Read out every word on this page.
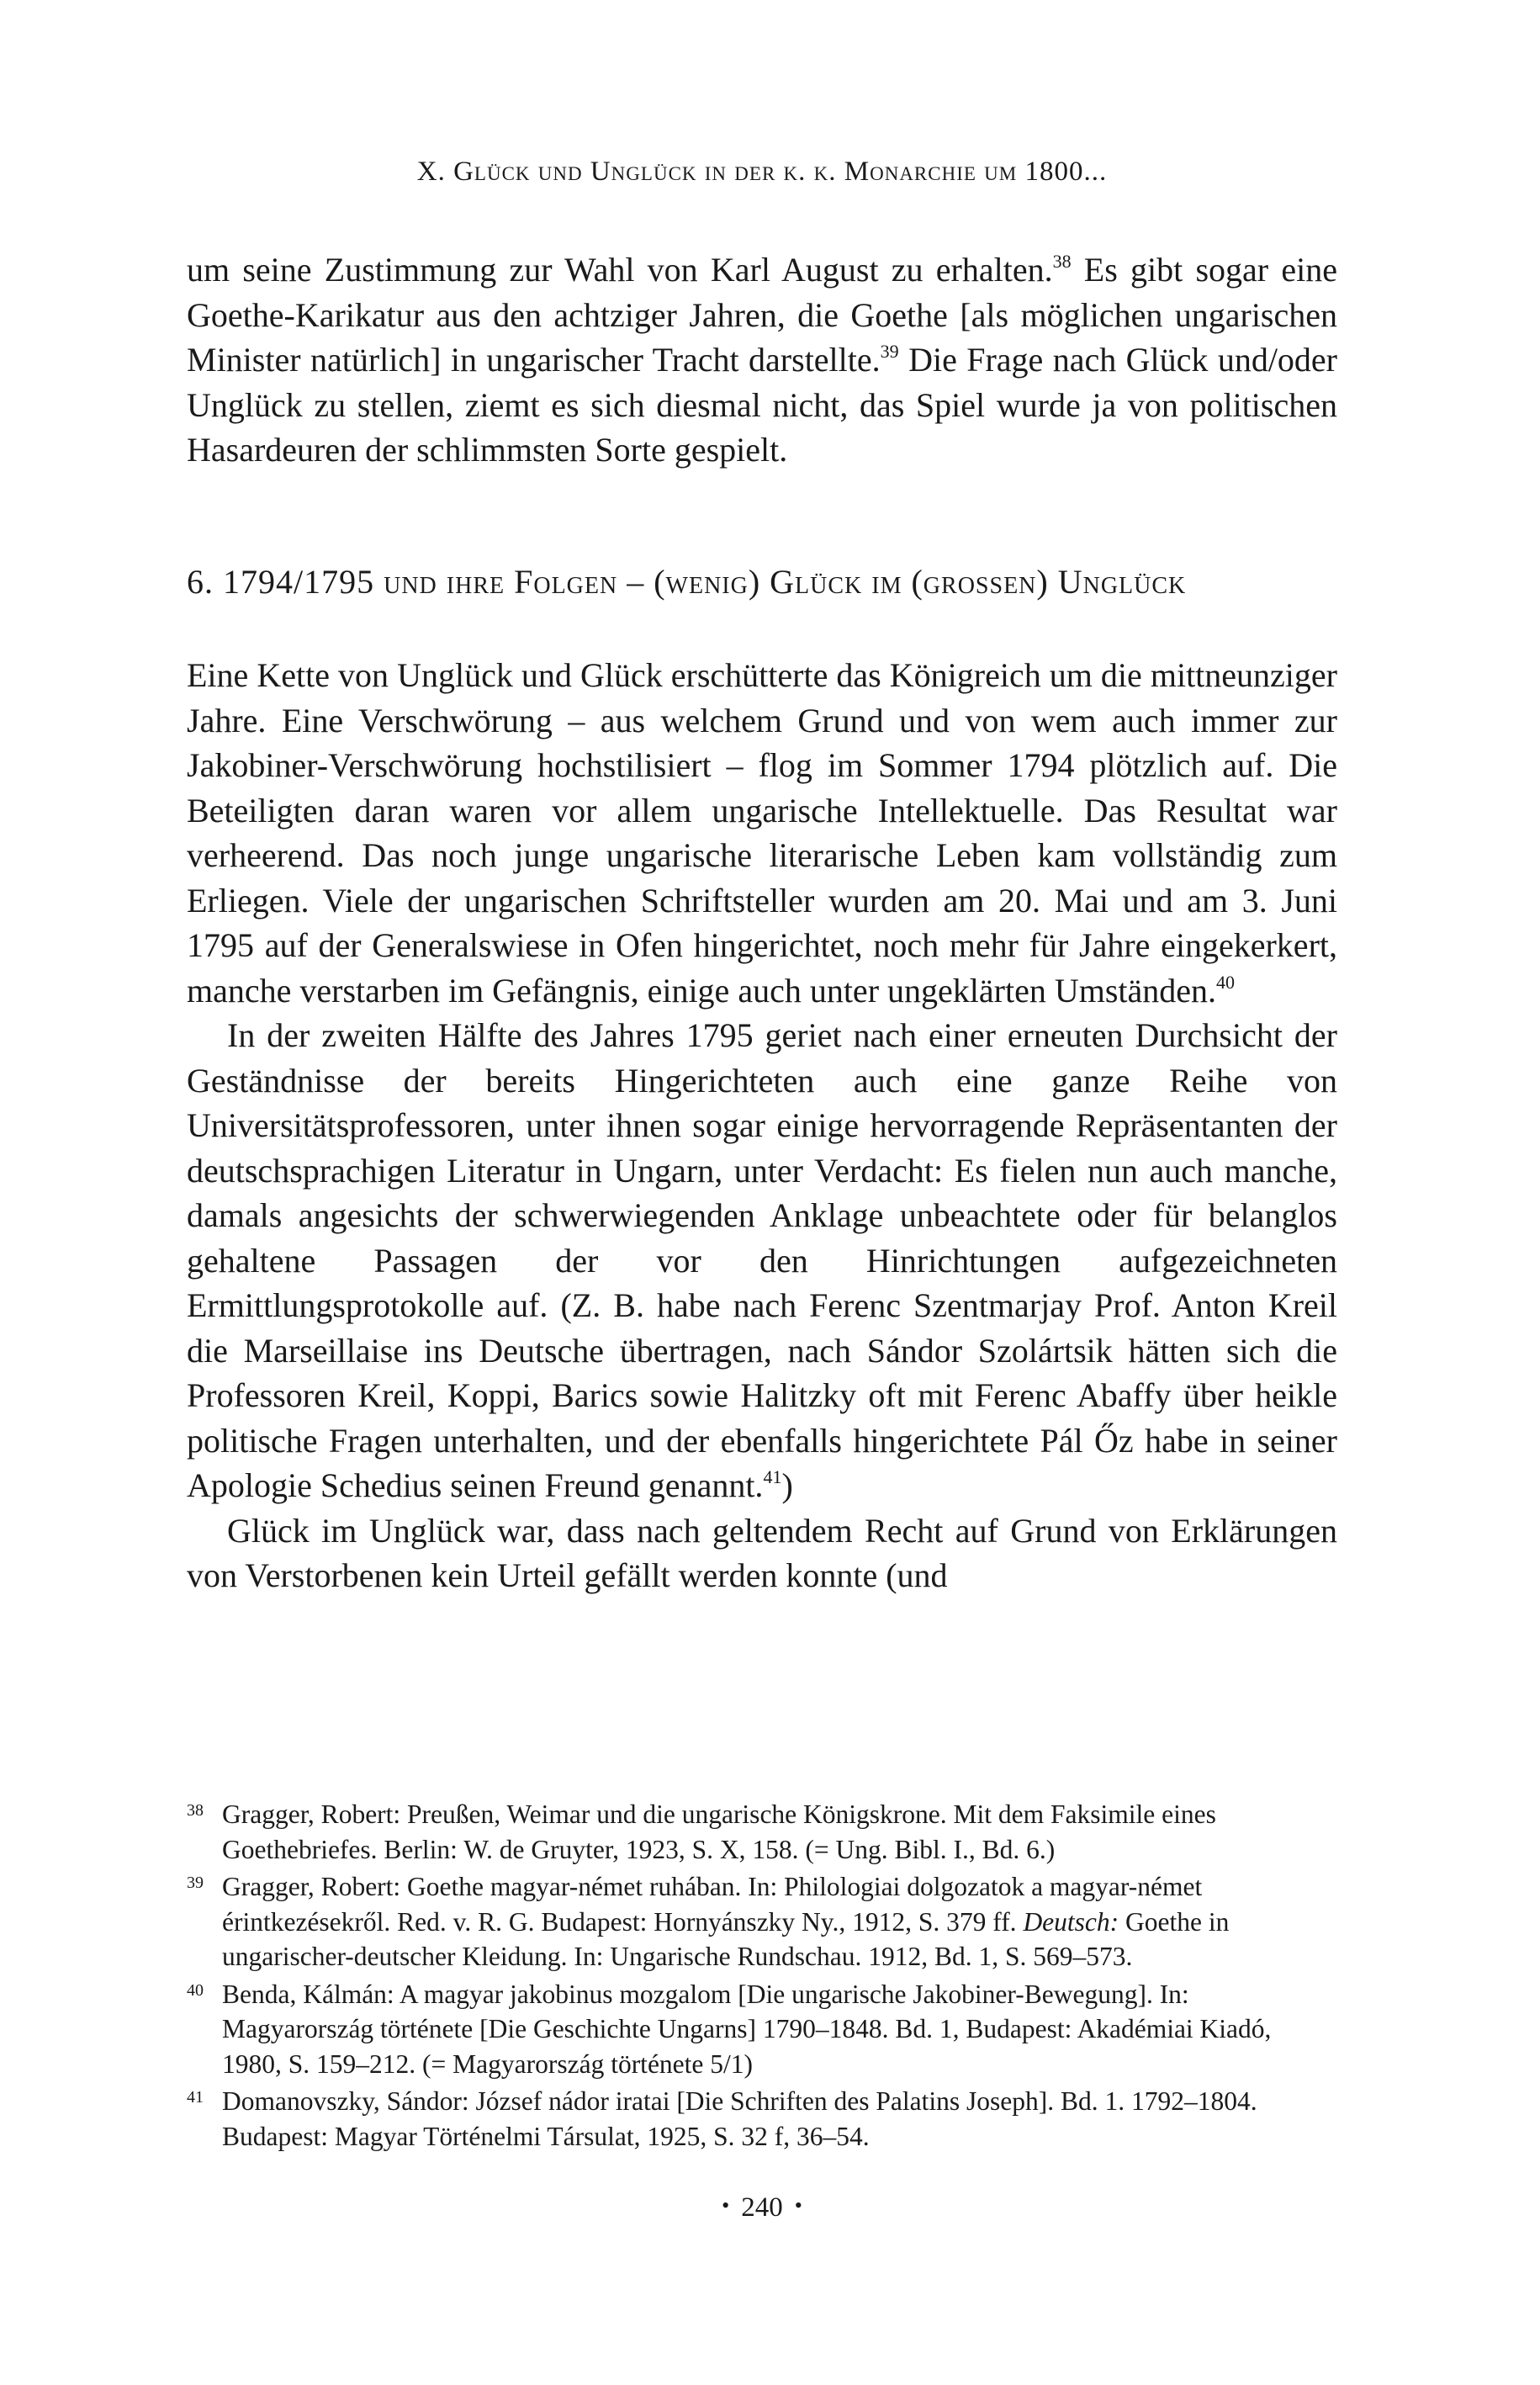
X. Glück und Unglück in der k. k. Monarchie um 1800...

um seine Zustimmung zur Wahl von Karl August zu erhalten.$^{38}$ Es gibt sogar eine Goethe-Karikatur aus den achtziger Jahren, die Goethe [als möglichen ungarischen Minister natürlich] in ungarischer Tracht darstellte.$^{39}$ Die Frage nach Glück und/oder Unglück zu stellen, ziemt es sich diesmal nicht, das Spiel wurde ja von politischen Hasardeuren der schlimmsten Sorte gespielt.

6. 1794/1795 und ihre Folgen – (wenig) Glück im (grossen) Unglück

Eine Kette von Unglück und Glück erschütterte das Königreich um die mittneunziger Jahre. Eine Verschwörung – aus welchem Grund und von wem auch immer zur Jakobiner-Verschwörung hochstilisiert – flog im Sommer 1794 plötzlich auf. Die Beteiligten daran waren vor allem ungarische Intellektuelle. Das Resultat war verheerend. Das noch junge ungarische literarische Leben kam vollständig zum Erliegen. Viele der ungarischen Schriftsteller wurden am 20. Mai und am 3. Juni 1795 auf der Generalswiese in Ofen hingerichtet, noch mehr für Jahre eingekerkert, manche verstarben im Gefängnis, einige auch unter ungeklärten Umständen.$^{40}$

In der zweiten Hälfte des Jahres 1795 geriet nach einer erneuten Durchsicht der Geständnisse der bereits Hingerichteten auch eine ganze Reihe von Universitätsprofessoren, unter ihnen sogar einige hervorragende Repräsentanten der deutschsprachigen Literatur in Ungarn, unter Verdacht: Es fielen nun auch manche, damals angesichts der schwerwiegenden Anklage unbeachtete oder für belanglos gehaltene Passagen der vor den Hinrichtungen aufgezeichneten Ermittlungsprotokolle auf. (Z. B. habe nach Ferenc Szentmarjay Prof. Anton Kreil die Marseillaise ins Deutsche übertragen, nach Sándor Szolártsik hätten sich die Professoren Kreil, Koppi, Barics sowie Halitzky oft mit Ferenc Abaffy über heikle politische Fragen unterhalten, und der ebenfalls hingerichtete Pál Őz habe in seiner Apologie Schedius seinen Freund genannt.$^{41}$)

Glück im Unglück war, dass nach geltendem Recht auf Grund von Erklärungen von Verstorbenen kein Urteil gefällt werden konnte (und

38 Gragger, Robert: Preußen, Weimar und die ungarische Königskrone. Mit dem Faksimile eines Goethebriefes. Berlin: W. de Gruyter, 1923, S. X, 158. (= Ung. Bibl. I., Bd. 6.)
39 Gragger, Robert: Goethe magyar-német ruhában. In: Philologiai dolgozatok a magyar-német érintkezésekről. Red. v. R. G. Budapest: Hornyánszky Ny., 1912, S. 379 ff. Deutsch: Goethe in ungarischer-deutscher Kleidung. In: Ungarische Rundschau. 1912, Bd. 1, S. 569–573.
40 Benda, Kálmán: A magyar jakobinus mozgalom [Die ungarische Jakobiner-Bewegung]. In: Magyarország története [Die Geschichte Ungarns] 1790–1848. Bd. 1, Budapest: Akadémiai Kiadó, 1980, S. 159–212. (= Magyarország története 5/1)
41 Domanovszky, Sándor: József nádor iratai [Die Schriften des Palatins Joseph]. Bd. 1. 1792–1804. Budapest: Magyar Történelmi Társulat, 1925, S. 32 f, 36–54.
• 240 •
